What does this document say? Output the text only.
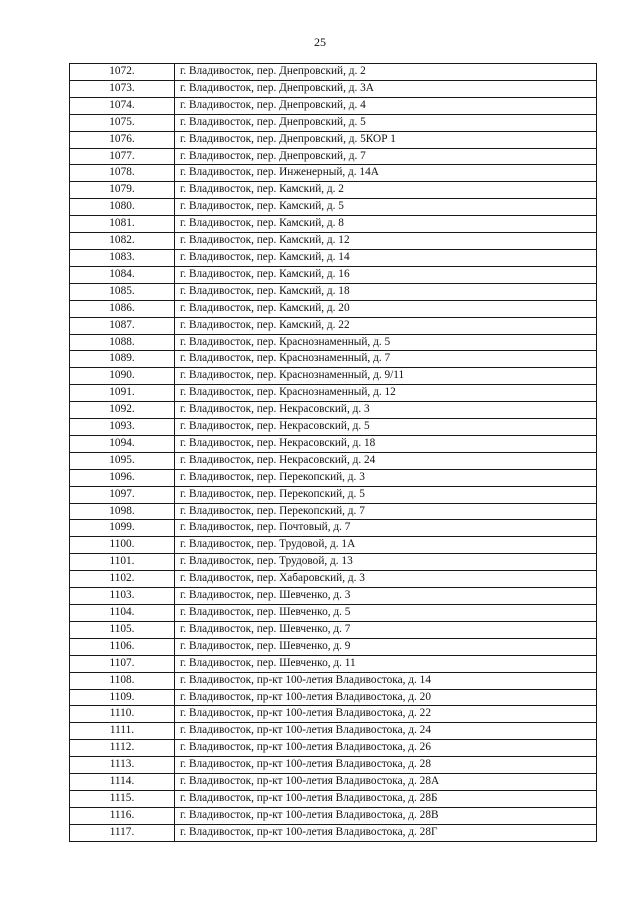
25
1072.	г. Владивосток, пер. Днепровский, д. 2
1073.	г. Владивосток, пер. Днепровский, д. 3А
1074.	г. Владивосток, пер. Днепровский, д. 4
1075.	г. Владивосток, пер. Днепровский, д. 5
1076.	г. Владивосток, пер. Днепровский, д. 5КОР 1
1077.	г. Владивосток, пер. Днепровский, д. 7
1078.	г. Владивосток, пер. Инженерный, д. 14А
1079.	г. Владивосток, пер. Камский, д. 2
1080.	г. Владивосток, пер. Камский, д. 5
1081.	г. Владивосток, пер. Камский, д. 8
1082.	г. Владивосток, пер. Камский, д. 12
1083.	г. Владивосток, пер. Камский, д. 14
1084.	г. Владивосток, пер. Камский, д. 16
1085.	г. Владивосток, пер. Камский, д. 18
1086.	г. Владивосток, пер. Камский, д. 20
1087.	г. Владивосток, пер. Камский, д. 22
1088.	г. Владивосток, пер. Краснознаменный, д. 5
1089.	г. Владивосток, пер. Краснознаменный, д. 7
1090.	г. Владивосток, пер. Краснознаменный, д. 9/11
1091.	г. Владивосток, пер. Краснознаменный, д. 12
1092.	г. Владивосток, пер. Некрасовский, д. 3
1093.	г. Владивосток, пер. Некрасовский, д. 5
1094.	г. Владивосток, пер. Некрасовский, д. 18
1095.	г. Владивосток, пер. Некрасовский, д. 24
1096.	г. Владивосток, пер. Перекопский, д. 3
1097.	г. Владивосток, пер. Перекопский, д. 5
1098.	г. Владивосток, пер. Перекопский, д. 7
1099.	г. Владивосток, пер. Почтовый, д. 7
1100.	г. Владивосток, пер. Трудовой, д. 1А
1101.	г. Владивосток, пер. Трудовой, д. 13
1102.	г. Владивосток, пер. Хабаровский, д. 3
1103.	г. Владивосток, пер. Шевченко, д. 3
1104.	г. Владивосток, пер. Шевченко, д. 5
1105.	г. Владивосток, пер. Шевченко, д. 7
1106.	г. Владивосток, пер. Шевченко, д. 9
1107.	г. Владивосток, пер. Шевченко, д. 11
1108.	г. Владивосток, пр-кт 100-летия Владивостока, д. 14
1109.	г. Владивосток, пр-кт 100-летия Владивостока, д. 20
1110.	г. Владивосток, пр-кт 100-летия Владивостока, д. 22
1111.	г. Владивосток, пр-кт 100-летия Владивостока, д. 24
1112.	г. Владивосток, пр-кт 100-летия Владивостока, д. 26
1113.	г. Владивосток, пр-кт 100-летия Владивостока, д. 28
1114.	г. Владивосток, пр-кт 100-летия Владивостока, д. 28А
1115.	г. Владивосток, пр-кт 100-летия Владивостока, д. 28Б
1116.	г. Владивосток, пр-кт 100-летия Владивостока, д. 28В
1117.	г. Владивосток, пр-кт 100-летия Владивостока, д. 28Г
